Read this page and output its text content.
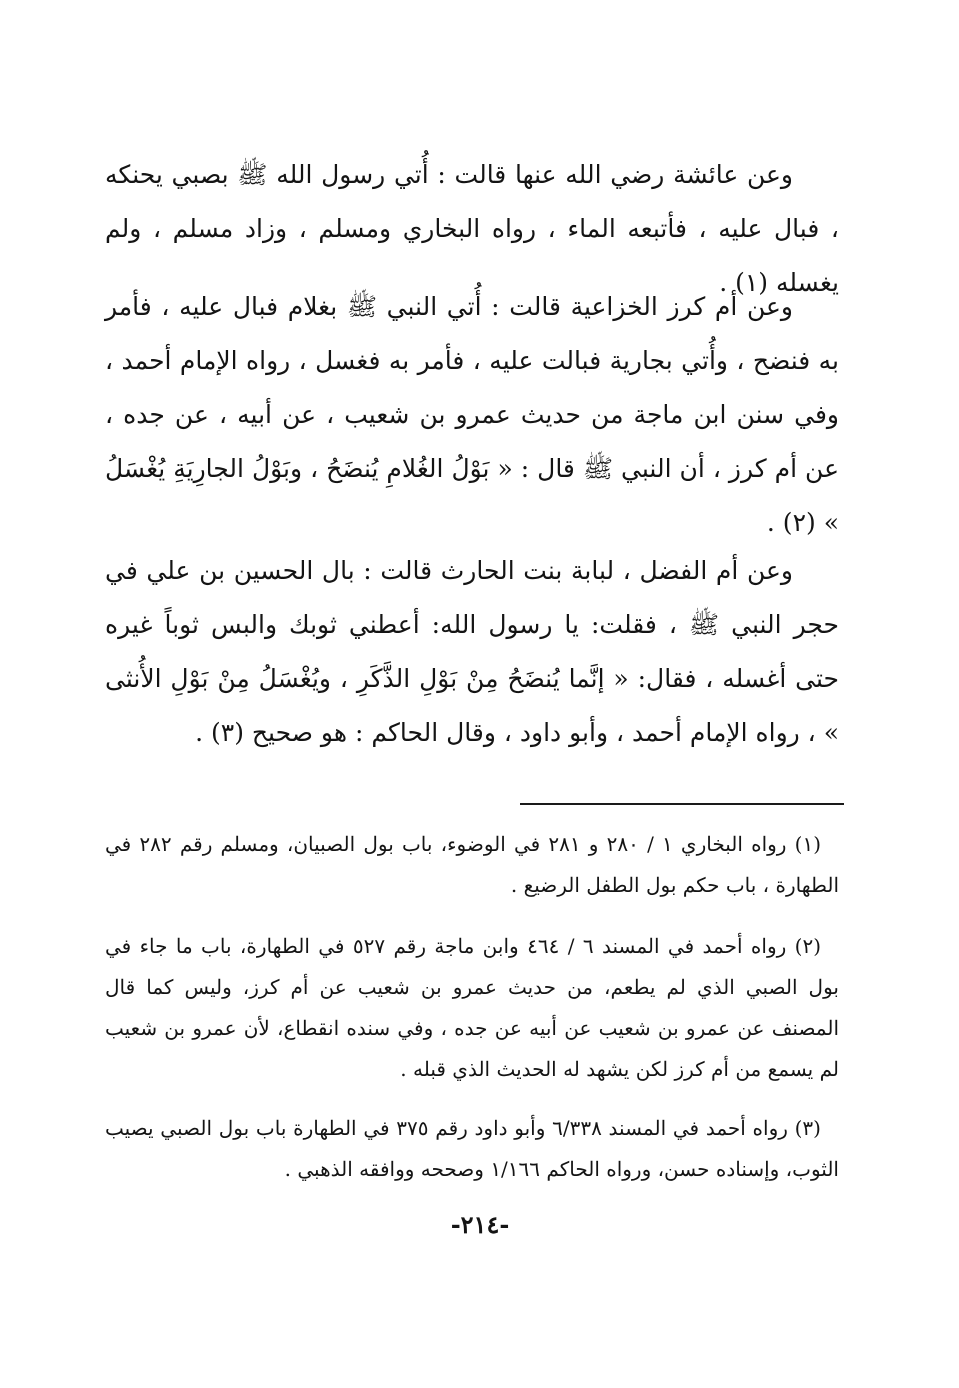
وعن عائشة رضي الله عنها قالت : أُتي رسول الله ﷺ بصبي يحنكه ، فبال عليه ، فأتبعه الماء ، رواه البخاري ومسلم ، وزاد مسلم ، ولم يغسله (١) .

وعن أم كرز الخزاعية قالت : أُتي النبي ﷺ بغلام فبال عليه ، فأمر به فنضح ، وأُتي بجارية فبالت عليه ، فأمر به فغسل ، رواه الإمام أحمد ، وفي سنن ابن ماجة من حديث عمرو بن شعيب ، عن أبيه ، عن جده ، عن أم كرز ، أن النبي ﷺ قال : « بَوْلُ الغُلامِ يُنضَحُ ، وبَوْلُ الجارِيَةِ يُغْسَلُ » (٢) .

وعن أم الفضل ، لبابة بنت الحارث قالت : بال الحسين بن علي في حجر النبي ﷺ ، فقلت: يا رسول الله: أعطني ثوبك والبس ثوباً غيره حتى أغسله ، فقال: « إنَّما يُنضَحُ مِنْ بَوْلِ الذَّكَرِ ، ويُغْسَلُ مِنْ بَوْلِ الأُنثى » ، رواه الإمام أحمد ، وأبو داود ، وقال الحاكم : هو صحيح (٣) .

(١) رواه البخاري ١ / ٢٨٠ و ٢٨١ في الوضوء، باب بول الصبيان، ومسلم رقم ٢٨٢ في الطهارة ، باب حكم بول الطفل الرضيع .

(٢) رواه أحمد في المسند ٦ / ٤٦٤ وابن ماجة رقم ٥٢٧ في الطهارة، باب ما جاء في بول الصبي الذي لم يطعم، من حديث عمرو بن شعيب عن أم كرز، وليس كما قال المصنف عن عمرو بن شعيب عن أبيه عن جده ، وفي سنده انقطاع، لأن عمرو بن شعيب لم يسمع من أم كرز لكن يشهد له الحديث الذي قبله .

(٣) رواه أحمد في المسند ٦/٣٣٨ وأبو داود رقم ٣٧٥ في الطهارة باب بول الصبي يصيب الثوب، وإسناده حسن، ورواه الحاكم ١/١٦٦ وصححه ووافقه الذهبي .

-٢١٤-
